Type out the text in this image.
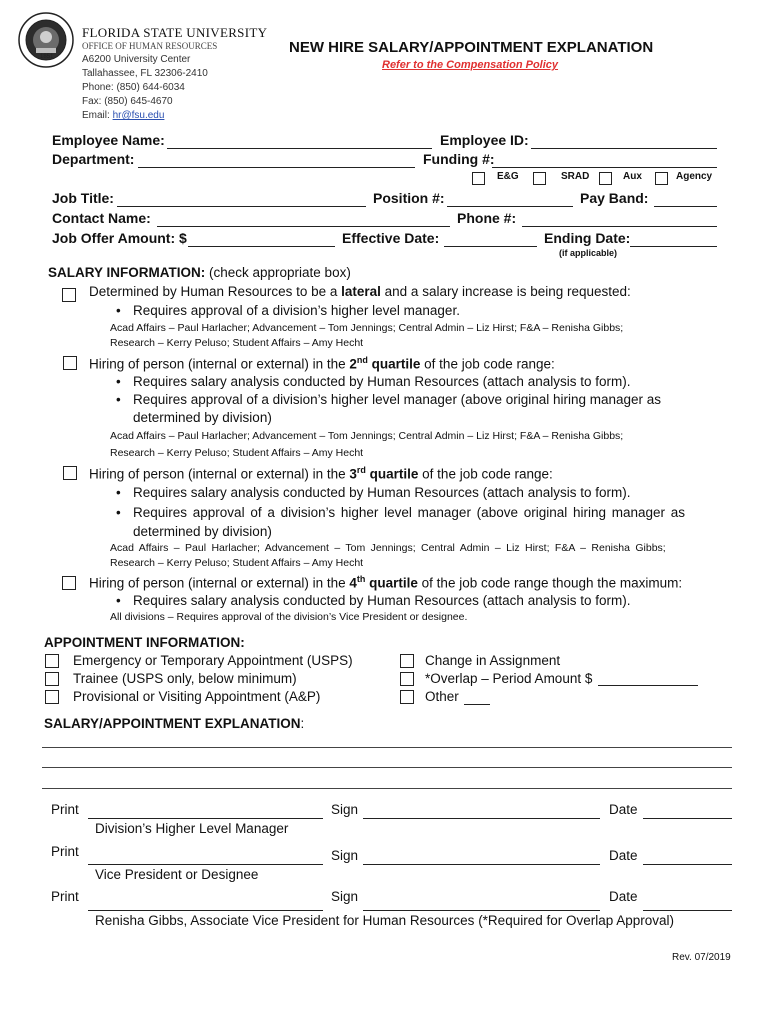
1851
FLORIDA STATE UNIVERSITY
OFFICE OF HUMAN RESOURCES
A6200 University Center
Tallahassee, FL 32306-2410
Phone: (850) 644-6034
Fax: (850) 645-4670
Email: hr@fsu.edu
NEW HIRE SALARY/APPOINTMENT EXPLANATION
Refer to the Compensation Policy
Employee Name:	Employee ID:
Department:	Funding #:
E&G	SRAD	Aux	Agency
Job Title:	Position #:	Pay Band:
Contact Name:	Phone #:
Job Offer Amount: $	Effective Date:	Ending Date:
(if applicable)
SALARY INFORMATION: (check appropriate box)
Determined by Human Resources to be a lateral and a salary increase is being requested:
• Requires approval of a division’s higher level manager.
Acad Affairs – Paul Harlacher; Advancement – Tom Jennings; Central Admin – Liz Hirst; F&A – Renisha Gibbs;
Research – Kerry Peluso; Student Affairs – Amy Hecht
Hiring of person (internal or external) in the 2nd quartile of the job code range:
• Requires salary analysis conducted by Human Resources (attach analysis to form).
• Requires approval of a division’s higher level manager (above original hiring manager as
determined by division)
Acad Affairs – Paul Harlacher; Advancement – Tom Jennings; Central Admin – Liz Hirst; F&A – Renisha Gibbs;
Research – Kerry Peluso; Student Affairs – Amy Hecht
Hiring of person (internal or external) in the 3rd quartile of the job code range:
• Requires salary analysis conducted by Human Resources (attach analysis to form).
• Requires approval of a division’s higher level manager (above original hiring manager as
determined by division)
Acad Affairs – Paul Harlacher; Advancement – Tom Jennings; Central Admin – Liz Hirst; F&A – Renisha Gibbs;
Research – Kerry Peluso; Student Affairs – Amy Hecht
Hiring of person (internal or external) in the 4th quartile of the job code range though the maximum:
• Requires salary analysis conducted by Human Resources (attach analysis to form).
All divisions – Requires approval of the division’s Vice President or designee.
APPOINTMENT INFORMATION:
Emergency or Temporary Appointment (USPS)
Trainee (USPS only, below minimum)
Provisional or Visiting Appointment (A&P)
Change in Assignment
*Overlap – Period Amount $
Other
SALARY/APPOINTMENT EXPLANATION:
Print	Sign	Date
Division’s Higher Level Manager
Print	Sign	Date
Vice President or Designee
Print	Sign	Date
Renisha Gibbs, Associate Vice President for Human Resources (*Required for Overlap Approval)
Rev. 07/2019
